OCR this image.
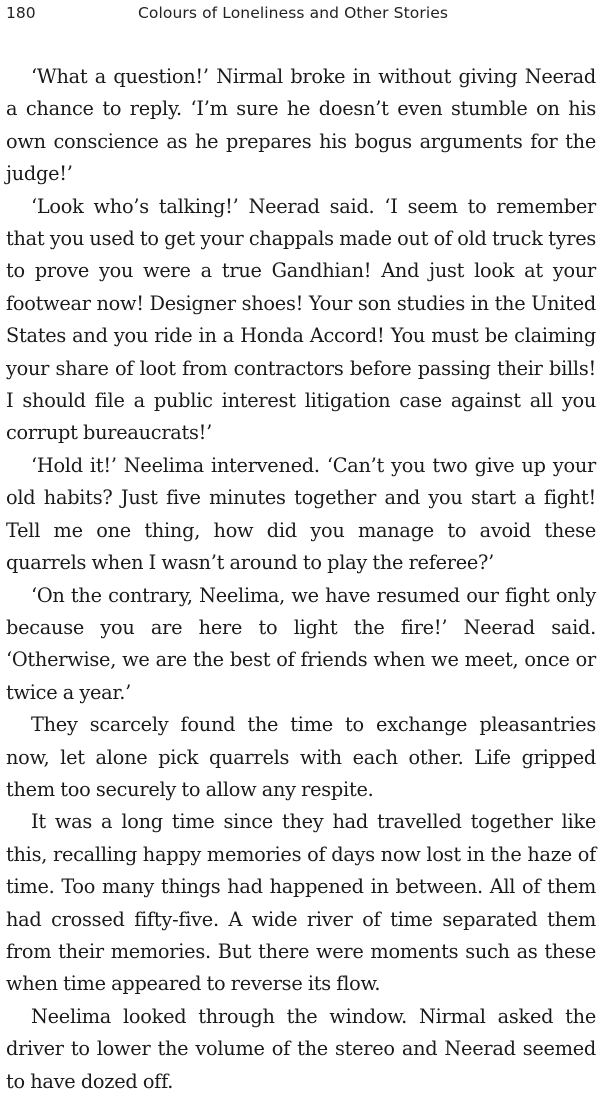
180	Colours of Loneliness and Other Stories

‘What a question!’ Nirmal broke in without giving Neerad a chance to reply. ‘I’m sure he doesn’t even stumble on his own conscience as he prepares his bogus arguments for the judge!’

‘Look who’s talking!’ Neerad said. ‘I seem to remember that you used to get your chappals made out of old truck tyres to prove you were a true Gandhian! And just look at your footwear now! Designer shoes! Your son studies in the United States and you ride in a Honda Accord! You must be claiming your share of loot from contractors before passing their bills! I should file a public interest litigation case against all you corrupt bureaucrats!’

‘Hold it!’ Neelima intervened. ‘Can’t you two give up your old habits? Just five minutes together and you start a fight! Tell me one thing, how did you manage to avoid these quarrels when I wasn’t around to play the referee?’

‘On the contrary, Neelima, we have resumed our fight only because you are here to light the fire!’ Neerad said. ‘Otherwise, we are the best of friends when we meet, once or twice a year.’

They scarcely found the time to exchange pleasantries now, let alone pick quarrels with each other. Life gripped them too securely to allow any respite.

It was a long time since they had travelled together like this, recalling happy memories of days now lost in the haze of time. Too many things had happened in between. All of them had crossed fifty-five. A wide river of time separated them from their memories. But there were moments such as these when time appeared to reverse its flow.

Neelima looked through the window. Nirmal asked the driver to lower the volume of the stereo and Neerad seemed to have dozed off.
